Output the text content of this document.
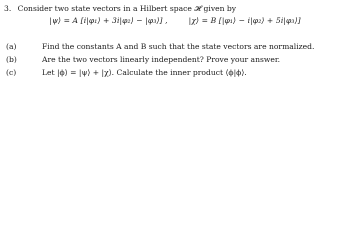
3. Consider two state vectors in a Hilbert space 𝓗 given by
|ψ⟩ = A [i|φ₁⟩ + 3i|φ₂⟩ − |φ₃⟩] ,	|χ⟩ = B [|φ₁⟩ − i|φ₂⟩ + 5i|φ₃⟩]
(a)	Find the constants A and B such that the state vectors are normalized.
(b)	Are the two vectors linearly independent? Prove your answer.
(c)	Let |ϕ⟩ = |ψ⟩ + |χ⟩. Calculate the inner product ⟨ϕ|ϕ⟩.
